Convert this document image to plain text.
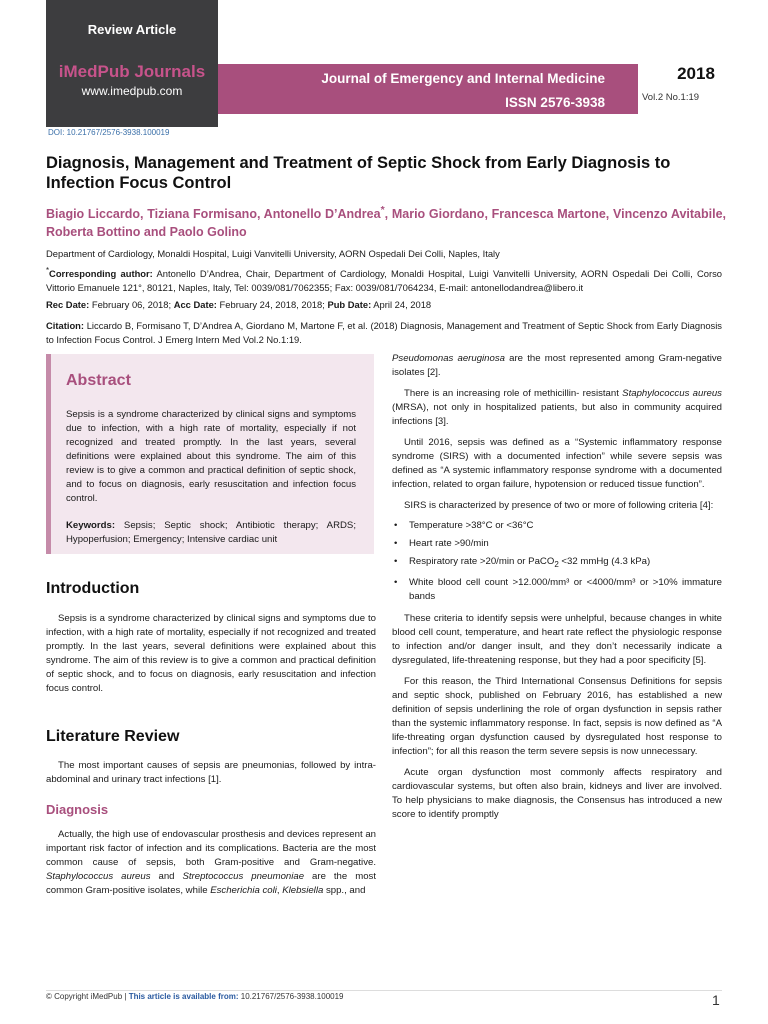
Review Article
iMedPub Journals
www.imedpub.com
Journal of Emergency and Internal Medicine
ISSN 2576-3938
2018
Vol.2 No.1:19
DOI: 10.21767/2576-3938.100019
Diagnosis, Management and Treatment of Septic Shock from Early Diagnosis to Infection Focus Control
Biagio Liccardo, Tiziana Formisano, Antonello D’Andrea*, Mario Giordano, Francesca Martone, Vincenzo Avitabile, Roberta Bottino and Paolo Golino
Department of Cardiology, Monaldi Hospital, Luigi Vanvitelli University, AORN Ospedali Dei Colli, Naples, Italy
*Corresponding author: Antonello D’Andrea, Chair, Department of Cardiology, Monaldi Hospital, Luigi Vanvitelli University, AORN Ospedali Dei Colli, Corso Vittorio Emanuele 121°, 80121, Naples, Italy, Tel: 0039/081/7062355; Fax: 0039/081/7064234, E-mail: antonellodandrea@libero.it
Rec Date: February 06, 2018; Acc Date: February 24, 2018, 2018; Pub Date: April 24, 2018
Citation: Liccardo B, Formisano T, D’Andrea A, Giordano M, Martone F, et al. (2018) Diagnosis, Management and Treatment of Septic Shock from Early Diagnosis to Infection Focus Control. J Emerg Intern Med Vol.2 No.1:19.
Abstract
Sepsis is a syndrome characterized by clinical signs and symptoms due to infection, with a high rate of mortality, especially if not recognized and treated promptly. In the last years, several definitions were explained about this syndrome. The aim of this review is to give a common and practical definition of septic shock, and to focus on diagnosis, early resuscitation and infection focus control.
Keywords: Sepsis; Septic shock; Antibiotic therapy; ARDS; Hypoperfusion; Emergency; Intensive cardiac unit
Introduction

Sepsis is a syndrome characterized by clinical signs and symptoms due to infection, with a high rate of mortality, especially if not recognized and treated promptly. In the last years, several definitions were explained about this syndrome. The aim of this review is to give a common and practical definition of septic shock, and to focus on diagnosis, early resuscitation and infection focus control.

Literature Review

The most important causes of sepsis are pneumonias, followed by intra-abdominal and urinary tract infections [1].

Diagnosis

Actually, the high use of endovascular prosthesis and devices represent an important risk factor of infection and its complications. Bacteria are the most common cause of sepsis, both Gram-positive and Gram-negative. Staphylococcus aureus and Streptococcus pneumoniae are the most common Gram-positive isolates, while Escherichia coli, Klebsiella spp., and

Pseudomonas aeruginosa are the most represented among Gram-negative isolates [2].

There is an increasing role of methicillin- resistant Staphylococcus aureus (MRSA), not only in hospitalized patients, but also in community acquired infections [3].

Until 2016, sepsis was defined as a “Systemic inflammatory response syndrome (SIRS) with a documented infection” while severe sepsis was defined as “A systemic inflammatory response syndrome with a documented infection, related to organ failure, hypotension or reduced tissue function”.

SIRS is characterized by presence of two or more of following criteria [4]:

• Temperature >38°C or <36°C
• Heart rate >90/min
• Respiratory rate >20/min or PaCO$_2$ <32 mmHg (4.3 kPa)
• White blood cell count >12.000/mm³ or <4000/mm³ or >10% immature bands

These criteria to identify sepsis were unhelpful, because changes in white blood cell count, temperature, and heart rate reflect the physiologic response to infection and/or danger insult, and they don’t necessarily indicate a dysregulated, life-threatening response, but they had a poor specificity [5].

For this reason, the Third International Consensus Definitions for sepsis and septic shock, published on February 2016, has established a new definition of sepsis underlining the role of organ dysfunction in sepsis rather than the systemic inflammatory response. In fact, sepsis is now defined as “A life-threating organ dysfunction caused by dysregulated host response to infection”; for all this reason the term severe sepsis is now unnecessary.

Acute organ dysfunction most commonly affects respiratory and cardiovascular systems, but often also brain, kidneys and liver are involved. To help physicians to make diagnosis, the Consensus has introduced a new score to identify promptly

© Copyright iMedPub | This article is available from: 10.21767/2576-3938.100019	1
